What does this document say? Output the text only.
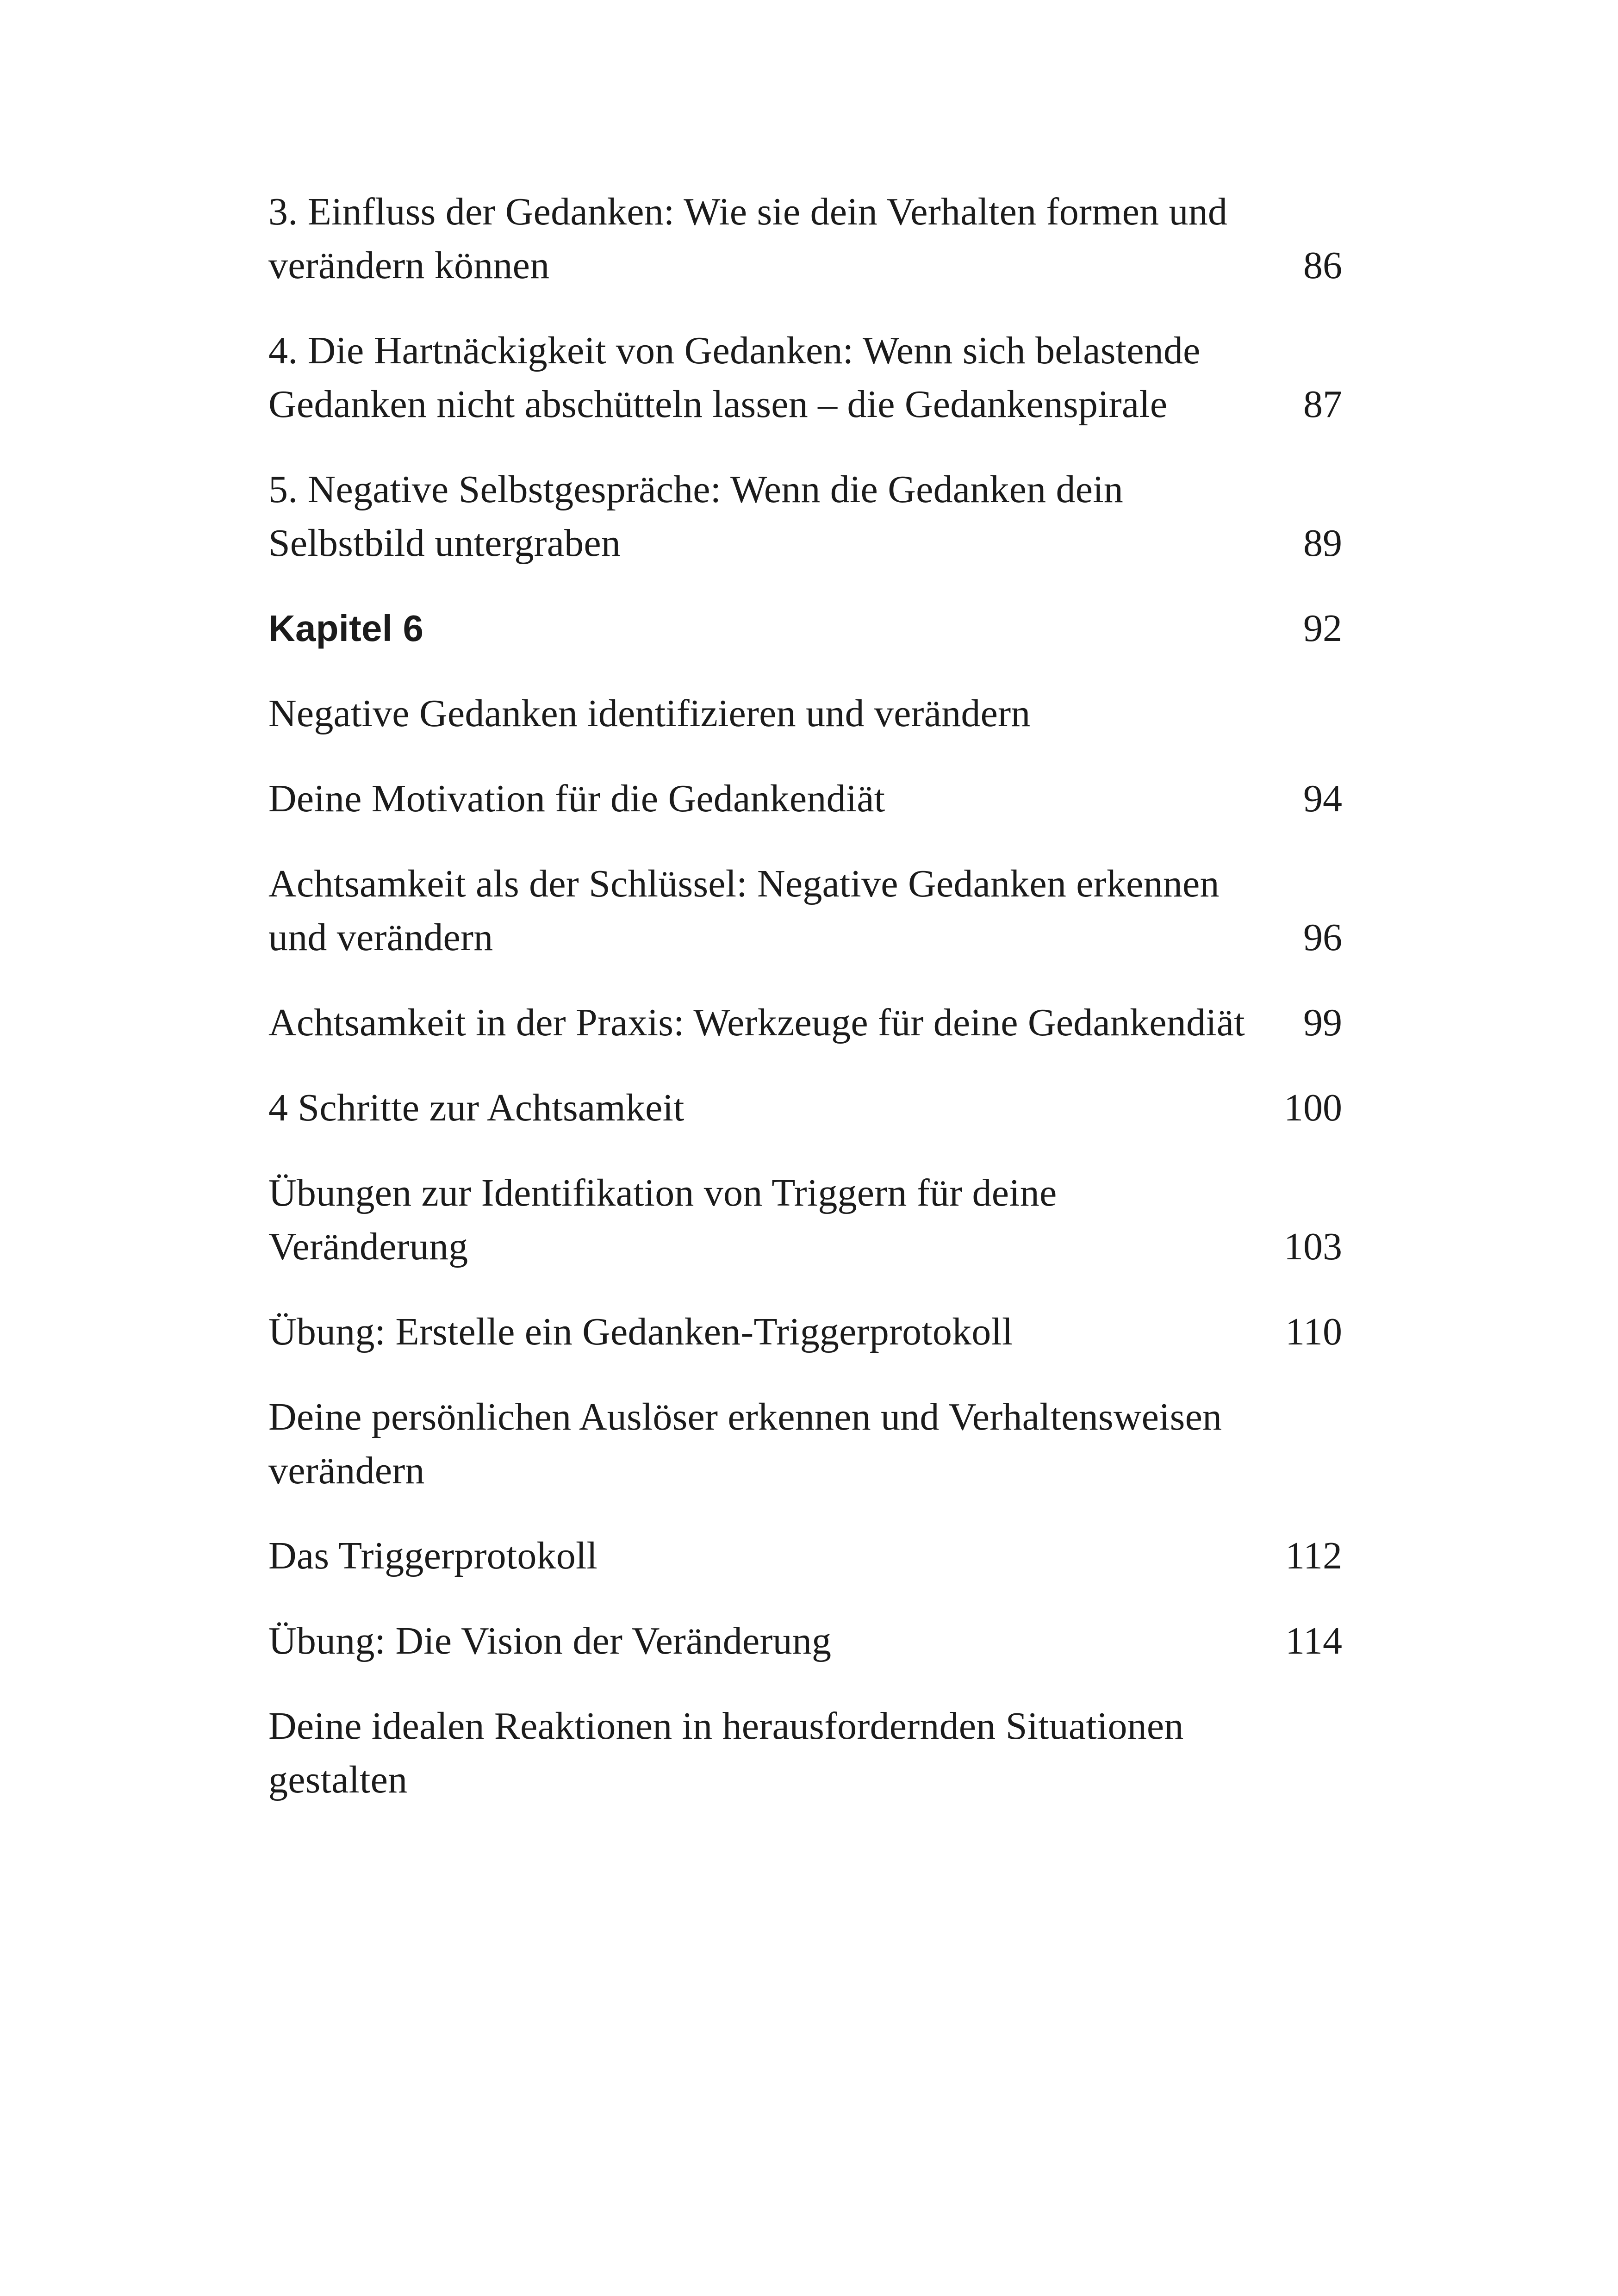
3. Einfluss der Gedanken: Wie sie dein Verhalten formen und verändern können	86
4. Die Hartnäckigkeit von Gedanken: Wenn sich belastende Gedanken nicht abschütteln lassen – die Gedankenspirale	87
5. Negative Selbstgespräche: Wenn die Gedanken dein Selbstbild untergraben	89
Kapitel 6	92
Negative Gedanken identifizieren und verändern
Deine Motivation für die Gedankendiät	94
Achtsamkeit als der Schlüssel: Negative Gedanken erkennen und verändern	96
Achtsamkeit in der Praxis: Werkzeuge für deine Gedankendiät	99
4 Schritte zur Achtsamkeit	100
Übungen zur Identifikation von Triggern für deine Veränderung	103
Übung: Erstelle ein Gedanken-Triggerprotokoll	110
Deine persönlichen Auslöser erkennen und Verhaltensweisen verändern
Das Triggerprotokoll	112
Übung: Die Vision der Veränderung	114
Deine idealen Reaktionen in herausfordernden Situationen gestalten
